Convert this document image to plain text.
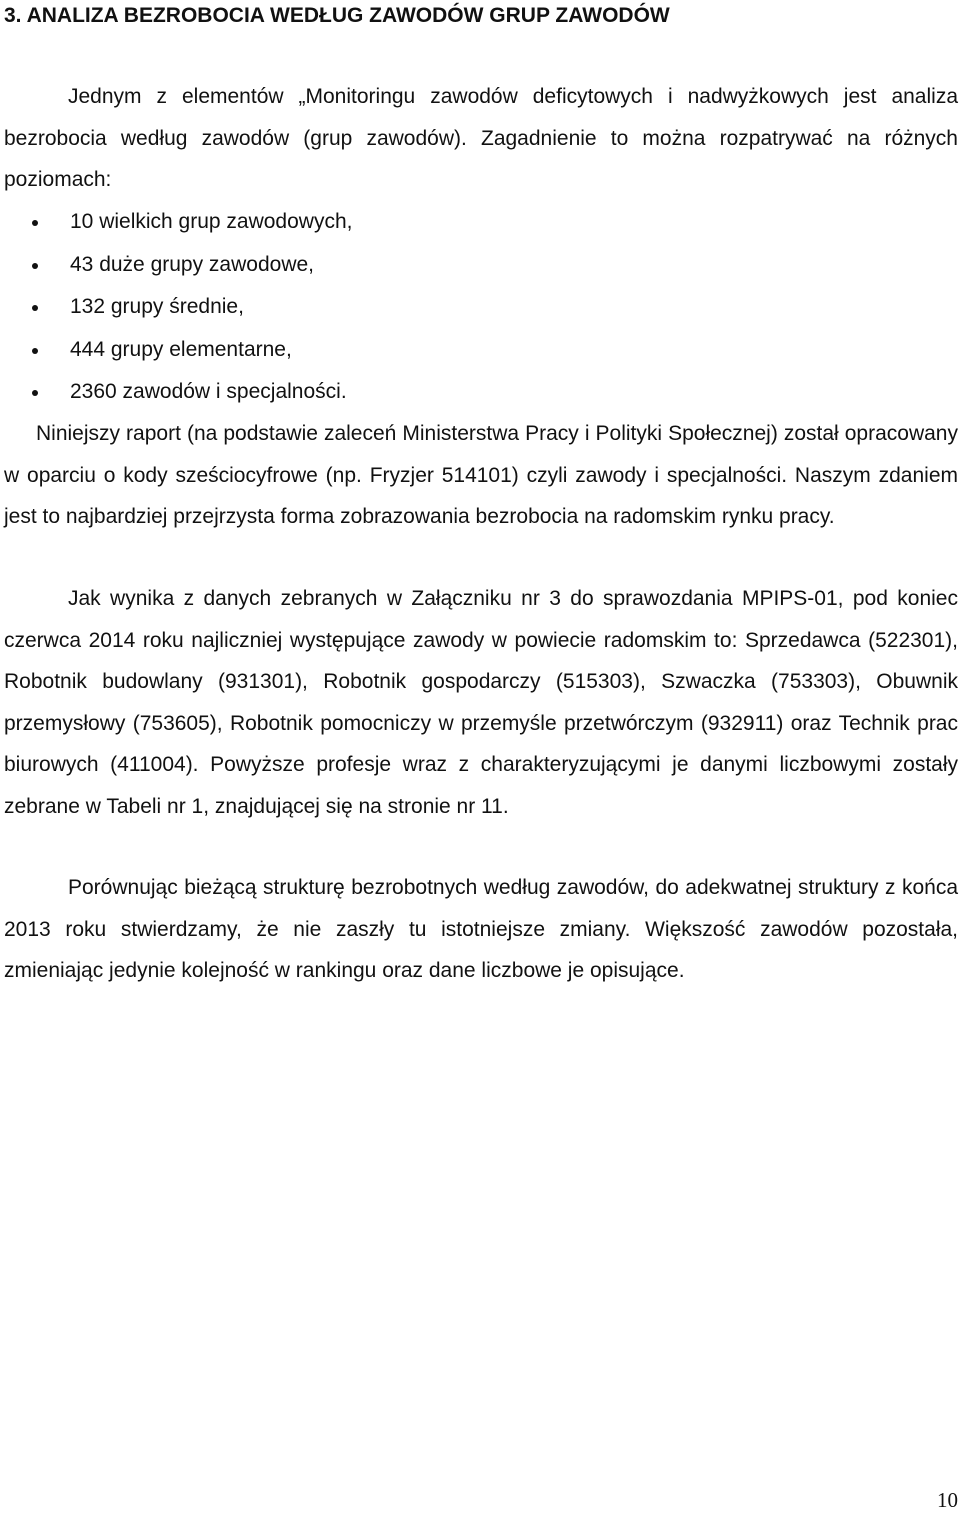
3. ANALIZA BEZROBOCIA WEDŁUG ZAWODÓW GRUP ZAWODÓW

Jednym z elementów „Monitoringu zawodów deficytowych i nadwyżkowych jest analiza bezrobocia według zawodów (grup zawodów). Zagadnienie to można rozpatrywać na różnych poziomach:

10 wielkich grup zawodowych,
43 duże grupy zawodowe,
132 grupy średnie,
444 grupy elementarne,
2360 zawodów i specjalności.

Niniejszy raport (na podstawie zaleceń Ministerstwa Pracy i Polityki Społecznej) został opracowany w oparciu o kody sześciocyfrowe (np. Fryzjer 514101) czyli zawody i specjalności. Naszym zdaniem jest to najbardziej przejrzysta forma zobrazowania bezrobocia na radomskim rynku pracy.

Jak wynika z danych zebranych w Załączniku nr 3 do sprawozdania MPIPS-01, pod koniec czerwca 2014 roku najliczniej występujące zawody w powiecie radomskim to: Sprzedawca (522301), Robotnik budowlany (931301), Robotnik gospodarczy (515303), Szwaczka (753303), Obuwnik przemysłowy (753605), Robotnik pomocniczy w przemyśle przetwórczym (932911) oraz Technik prac biurowych (411004). Powyższe profesje wraz z charakteryzującymi je danymi liczbowymi zostały zebrane w Tabeli nr 1, znajdującej się na stronie nr 11.

Porównując bieżącą strukturę bezrobotnych według zawodów, do adekwatnej struktury z końca 2013 roku stwierdzamy, że nie zaszły tu istotniejsze zmiany. Większość zawodów pozostała, zmieniając jedynie kolejność w rankingu oraz dane liczbowe je opisujące.

10
